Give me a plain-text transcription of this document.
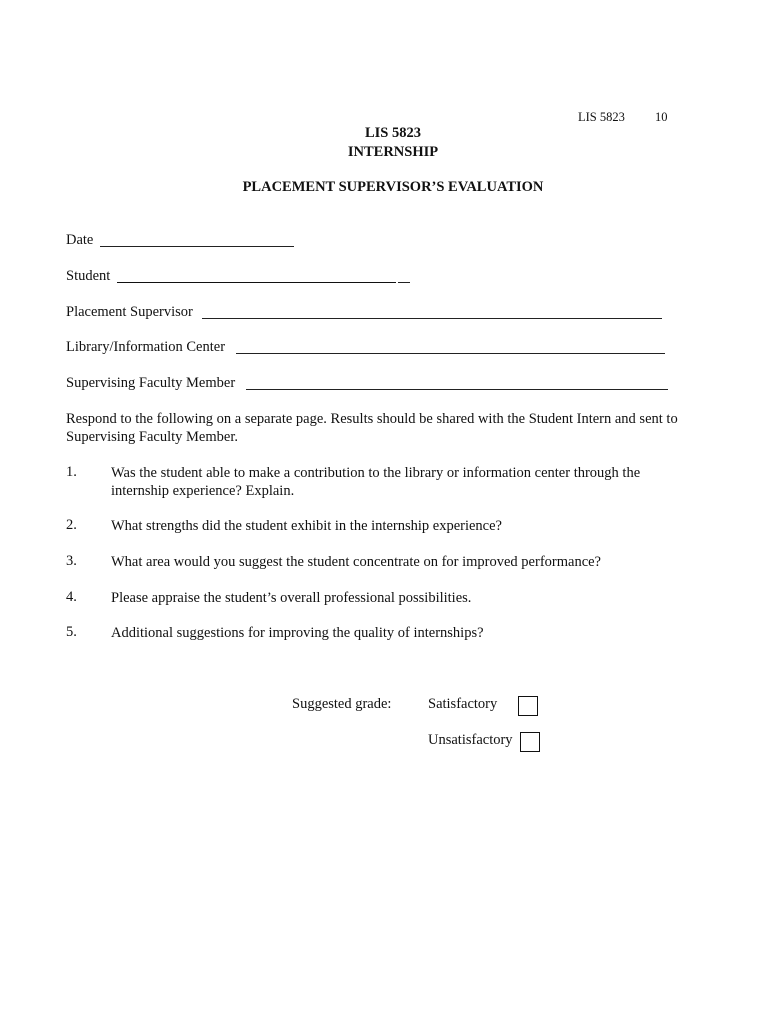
LIS 5823 10
LIS 5823
INTERNSHIP
PLACEMENT SUPERVISOR’S EVALUATION
Date
Student
Placement Supervisor
Library/Information Center
Supervising Faculty Member
Respond to the following on a separate page. Results should be shared with the Student Intern and sent to Supervising Faculty Member.
1. Was the student able to make a contribution to the library or information center through the internship experience? Explain.
2. What strengths did the student exhibit in the internship experience?
3. What area would you suggest the student concentrate on for improved performance?
4. Please appraise the student’s overall professional possibilities.
5. Additional suggestions for improving the quality of internships?
Suggested grade:	Satisfactory
Unsatisfactory
